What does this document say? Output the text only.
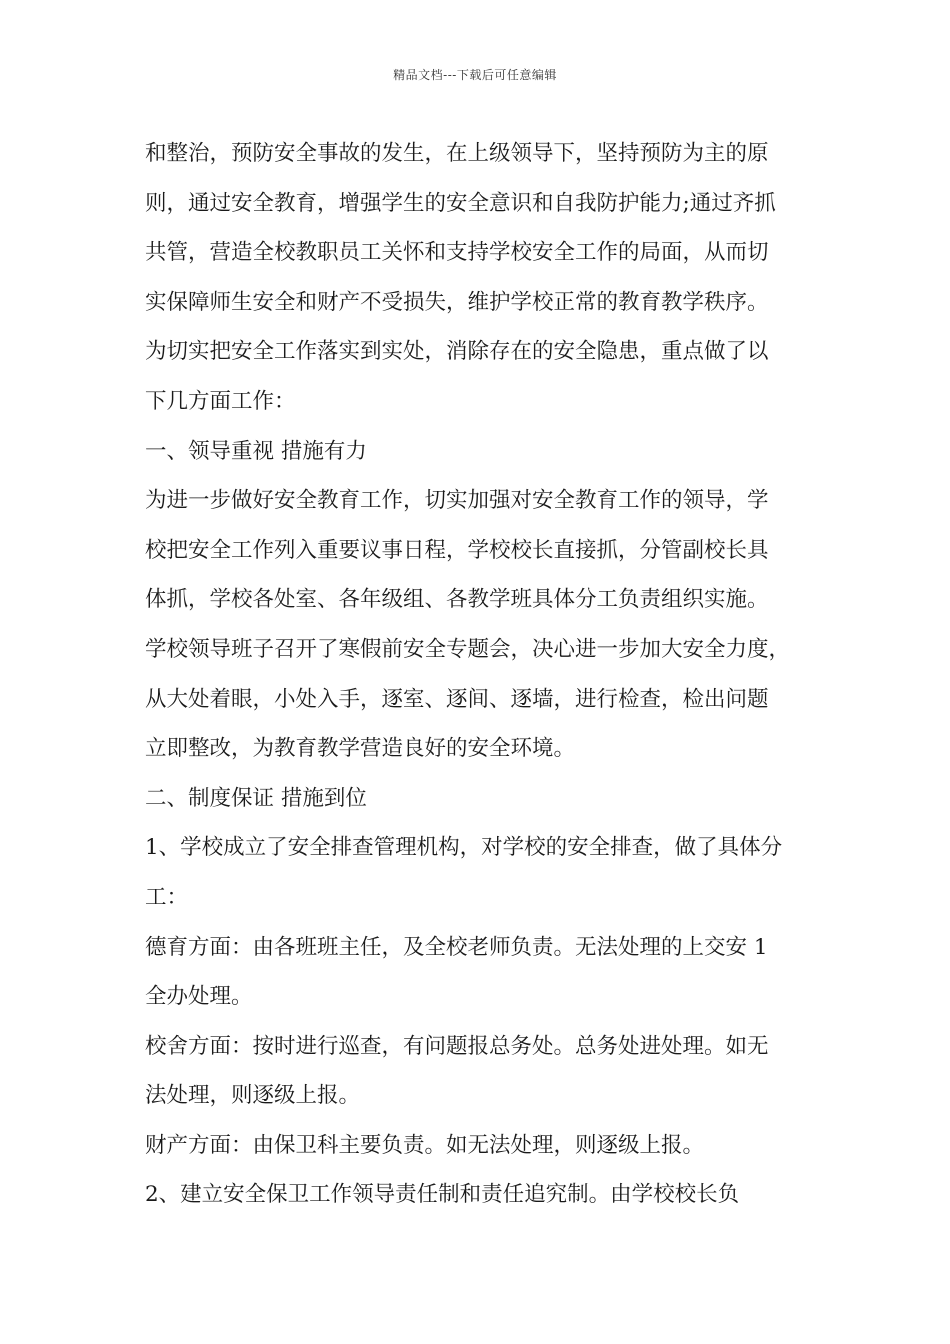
精品文档---下载后可任意编辑
和整治，预防安全事故的发生，在上级领导下，坚持预防为主的原
则，通过安全教育，增强学生的安全意识和自我防护能力;通过齐抓
共管，营造全校教职员工关怀和支持学校安全工作的局面，从而切
实保障师生安全和财产不受损失，维护学校正常的教育教学秩序。
为切实把安全工作落实到实处，消除存在的安全隐患，重点做了以
下几方面工作：
一、领导重视 措施有力
为进一步做好安全教育工作，切实加强对安全教育工作的领导，学
校把安全工作列入重要议事日程，学校校长直接抓，分管副校长具
体抓，学校各处室、各年级组、各教学班具体分工负责组织实施。
学校领导班子召开了寒假前安全专题会，决心进一步加大安全力度，
从大处着眼，小处入手，逐室、逐间、逐墙，进行检查，检出问题
立即整改，为教育教学营造良好的安全环境。
二、制度保证 措施到位
1、学校成立了安全排查管理机构，对学校的安全排查，做了具体分
工：
德育方面：由各班班主任，及全校老师负责。无法处理的上交安 1
全办处理。
校舍方面：按时进行巡查，有问题报总务处。总务处进处理。如无
法处理，则逐级上报。
财产方面：由保卫科主要负责。如无法处理，则逐级上报。
2、建立安全保卫工作领导责任制和责任追究制。由学校校长负
